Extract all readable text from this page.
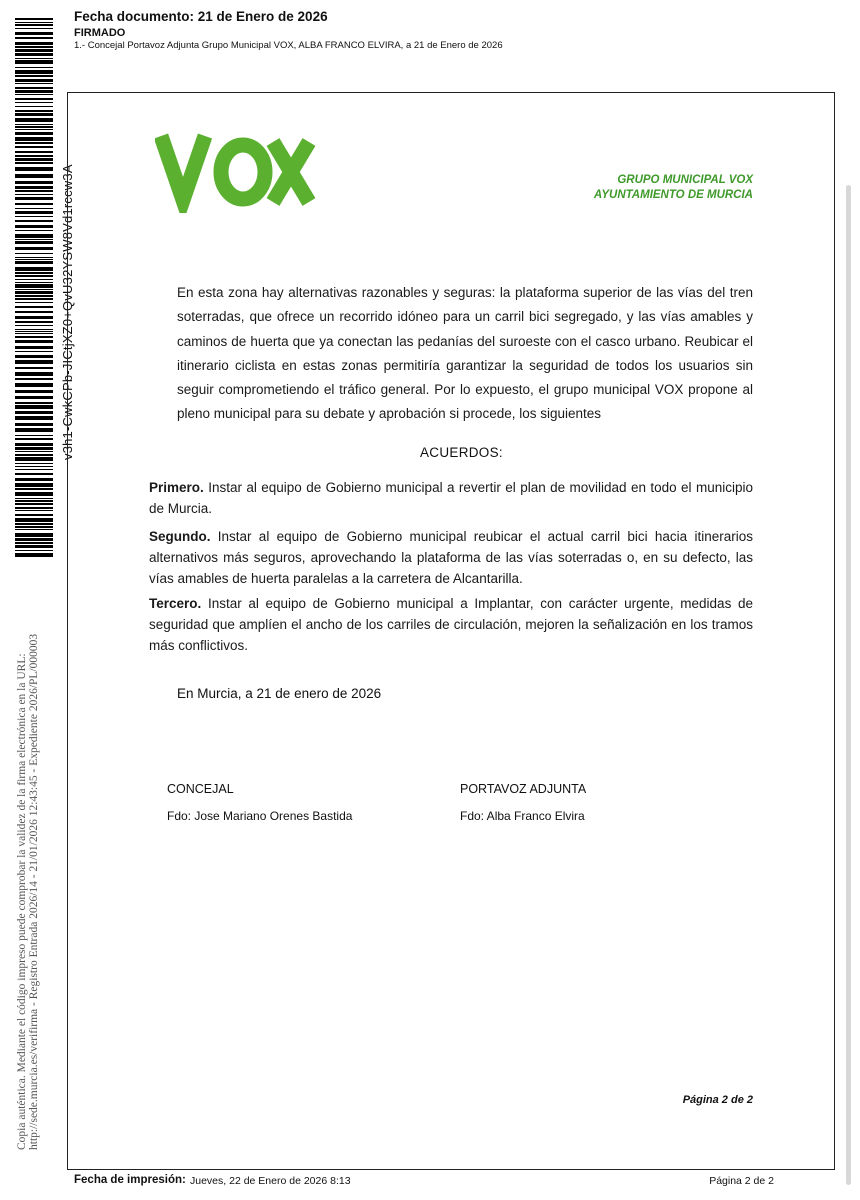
v3h1-CwkCPb-JICtjXZ0+QvU32YSW8Vd1rccw3A
Copia auténtica. Mediante el código impreso puede comprobar la validez de la firma electrónica en la URL: http://sede.murcia.es/verifirma - Registro Entrada 2026/14 - 21/01/2026 12:43:45 - Expediente 2026/PL/000003
Fecha documento: 21 de Enero de 2026
FIRMADO
1.- Concejal Portavoz Adjunta Grupo Municipal VOX, ALBA FRANCO ELVIRA, a 21 de Enero de 2026
GRUPO MUNICIPAL VOX
AYUNTAMIENTO DE MURCIA

En esta zona hay alternativas razonables y seguras: la plataforma superior de las vías del tren soterradas, que ofrece un recorrido idóneo para un carril bici segregado, y las vías amables y caminos de huerta que ya conectan las pedanías del suroeste con el casco urbano. Reubicar el itinerario ciclista en estas zonas permitiría garantizar la seguridad de todos los usuarios sin seguir comprometiendo el tráfico general. Por lo expuesto, el grupo municipal VOX propone al pleno municipal para su debate y aprobación si procede, los siguientes

ACUERDOS:

Primero. Instar al equipo de Gobierno municipal a revertir el plan de movilidad en todo el municipio de Murcia.

Segundo. Instar al equipo de Gobierno municipal reubicar el actual carril bici hacia itinerarios alternativos más seguros, aprovechando la plataforma de las vías soterradas o, en su defecto, las vías amables de huerta paralelas a la carretera de Alcantarilla.

Tercero. Instar al equipo de Gobierno municipal a Implantar, con carácter urgente, medidas de seguridad que amplíen el ancho de los carriles de circulación, mejoren la señalización en los tramos más conflictivos.

En Murcia, a 21 de enero de 2026
CONCEJAL
Fdo: Jose Mariano Orenes Bastida
PORTAVOZ ADJUNTA
Fdo: Alba Franco Elvira
Página 2 de 2
Fecha de impresión: Jueves, 22 de Enero de 2026 8:13	Página 2 de 2
